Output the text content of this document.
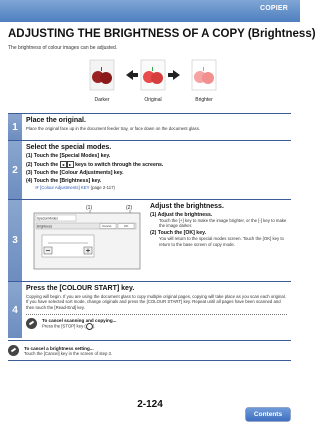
COPIER
ADJUSTING THE BRIGHTNESS OF A COPY (Brightness)
The brightness of colour images can be adjusted.
Darker	Original	Brighter
1
Place the original.
Place the original face up in the document feeder tray, or face down on the document glass.
2
Select the special modes.
(1) Touch the [Special Modes] key.
(2) Touch the ◂ ▸ keys to switch through the screens.
(3) Touch the [Colour Adjustments] key.
(4) Touch the [Brightness] key.
☞ [Colour Adjustments] KEY (page 2-117)
3
(1)	(2)
Special Modes
Brightness	Cancel	OK
Adjust the brightness.
(1) Adjust the brightness.
Touch the [+] key to make the image brighter, or the [-] key to make the image darker.
(2) Touch the [OK] key.
You will return to the special modes screen. Touch the [OK] key to return to the base screen of copy mode.
4
Press the [COLOUR START] key.
Copying will begin. If you are using the document glass to copy multiple original pages, copying will take place as you scan each original. If you have selected sort mode, change originals and press the [COLOUR START] key. Repeat until all pages have been scanned and then touch the [Read-End] key.
To cancel scanning and copying...
Press the [STOP] key ( ).
To cancel a brightness setting...
Touch the [Cancel] key in the screen of step 3.
2-124
Contents
